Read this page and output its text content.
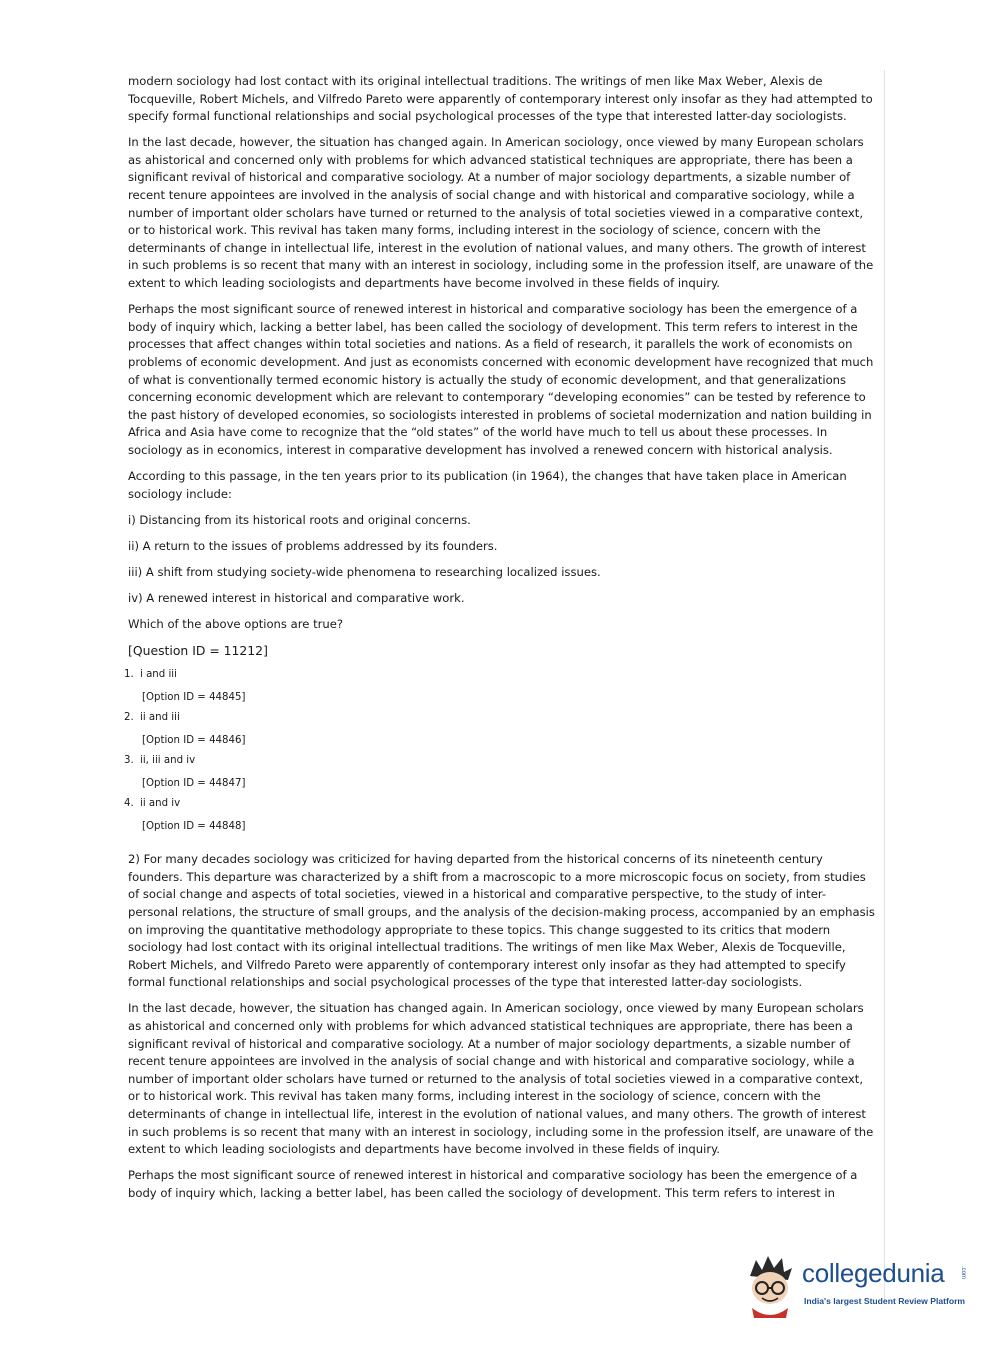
modern sociology had lost contact with its original intellectual traditions. The writings of men like Max Weber, Alexis de Tocqueville, Robert Michels, and Vilfredo Pareto were apparently of contemporary interest only insofar as they had attempted to specify formal functional relationships and social psychological processes of the type that interested latter-day sociologists.

In the last decade, however, the situation has changed again. In American sociology, once viewed by many European scholars as ahistorical and concerned only with problems for which advanced statistical techniques are appropriate, there has been a significant revival of historical and comparative sociology. At a number of major sociology departments, a sizable number of recent tenure appointees are involved in the analysis of social change and with historical and comparative sociology, while a number of important older scholars have turned or returned to the analysis of total societies viewed in a comparative context, or to historical work. This revival has taken many forms, including interest in the sociology of science, concern with the determinants of change in intellectual life, interest in the evolution of national values, and many others. The growth of interest in such problems is so recent that many with an interest in sociology, including some in the profession itself, are unaware of the extent to which leading sociologists and departments have become involved in these fields of inquiry.

Perhaps the most significant source of renewed interest in historical and comparative sociology has been the emergence of a body of inquiry which, lacking a better label, has been called the sociology of development. This term refers to interest in the processes that affect changes within total societies and nations. As a field of research, it parallels the work of economists on problems of economic development. And just as economists concerned with economic development have recognized that much of what is conventionally termed economic history is actually the study of economic development, and that generalizations concerning economic development which are relevant to contemporary “developing economies” can be tested by reference to the past history of developed economies, so sociologists interested in problems of societal modernization and nation building in Africa and Asia have come to recognize that the “old states” of the world have much to tell us about these processes. In sociology as in economics, interest in comparative development has involved a renewed concern with historical analysis.

According to this passage, in the ten years prior to its publication (in 1964), the changes that have taken place in American sociology include:

i) Distancing from its historical roots and original concerns.

ii) A return to the issues of problems addressed by its founders.

iii) A shift from studying society-wide phenomena to researching localized issues.

iv) A renewed interest in historical and comparative work.

Which of the above options are true?

[Question ID = 11212]

1. i and iii
[Option ID = 44845]
2. ii and iii
[Option ID = 44846]
3. ii, iii and iv
[Option ID = 44847]
4. ii and iv
[Option ID = 44848]

2) For many decades sociology was criticized for having departed from the historical concerns of its nineteenth century founders. This departure was characterized by a shift from a macroscopic to a more microscopic focus on society, from studies of social change and aspects of total societies, viewed in a historical and comparative perspective, to the study of inter-personal relations, the structure of small groups, and the analysis of the decision-making process, accompanied by an emphasis on improving the quantitative methodology appropriate to these topics. This change suggested to its critics that modern sociology had lost contact with its original intellectual traditions. The writings of men like Max Weber, Alexis de Tocqueville, Robert Michels, and Vilfredo Pareto were apparently of contemporary interest only insofar as they had attempted to specify formal functional relationships and social psychological processes of the type that interested latter-day sociologists.

In the last decade, however, the situation has changed again. In American sociology, once viewed by many European scholars as ahistorical and concerned only with problems for which advanced statistical techniques are appropriate, there has been a significant revival of historical and comparative sociology. At a number of major sociology departments, a sizable number of recent tenure appointees are involved in the analysis of social change and with historical and comparative sociology, while a number of important older scholars have turned or returned to the analysis of total societies viewed in a comparative context, or to historical work. This revival has taken many forms, including interest in the sociology of science, concern with the determinants of change in intellectual life, interest in the evolution of national values, and many others. The growth of interest in such problems is so recent that many with an interest in sociology, including some in the profession itself, are unaware of the extent to which leading sociologists and departments have become involved in these fields of inquiry.

Perhaps the most significant source of renewed interest in historical and comparative sociology has been the emergence of a body of inquiry which, lacking a better label, has been called the sociology of development. This term refers to interest in

collegedunia	.com
India's largest Student Review Platform
